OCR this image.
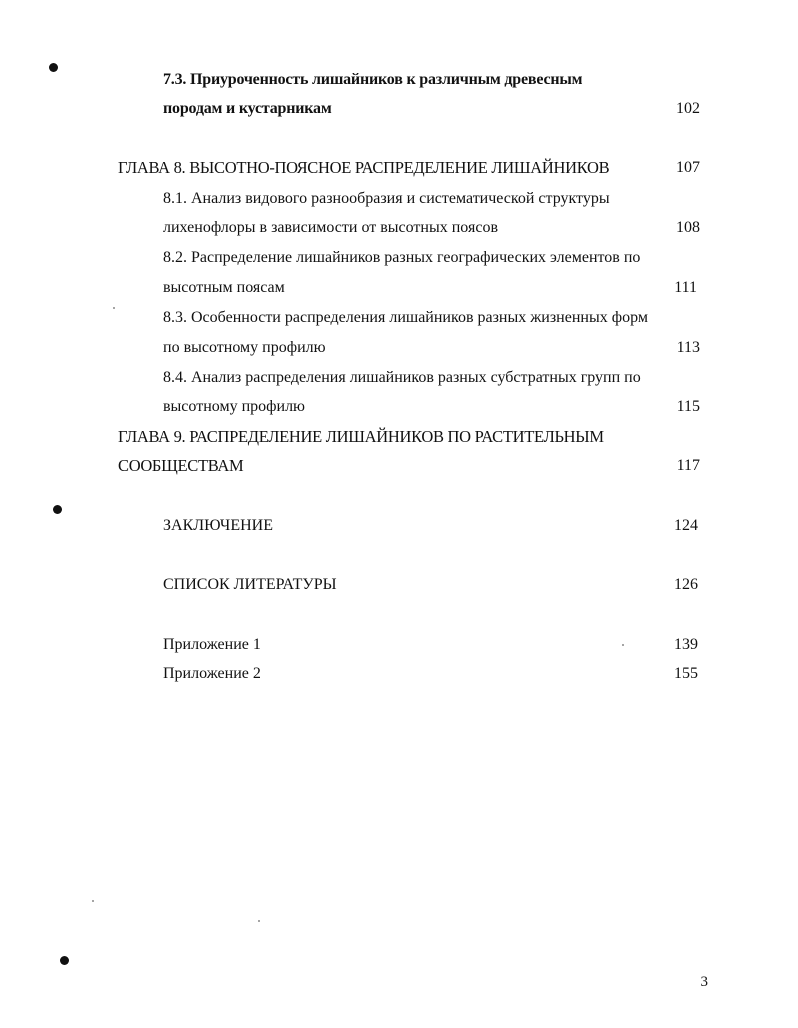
7.3. Приуроченность лишайников к различным древесным
породам и кустарникам	102
ГЛАВА 8. ВЫСОТНО-ПОЯСНОЕ РАСПРЕДЕЛЕНИЕ ЛИШАЙНИКОВ	107
8.1. Анализ видового разнообразия и систематической структуры
лихенофлоры в зависимости от высотных поясов	108
8.2. Распределение лишайников разных географических элементов по
высотным поясам	111
8.3. Особенности распределения лишайников разных жизненных форм
по высотному профилю	113
8.4. Анализ распределения лишайников разных субстратных групп по
высотному профилю	115
ГЛАВА 9. РАСПРЕДЕЛЕНИЕ ЛИШАЙНИКОВ ПО РАСТИТЕЛЬНЫМ
СООБЩЕСТВАМ	117
ЗАКЛЮЧЕНИЕ	124
СПИСОК ЛИТЕРАТУРЫ	126
Приложение 1	139
Приложение 2	155
3
